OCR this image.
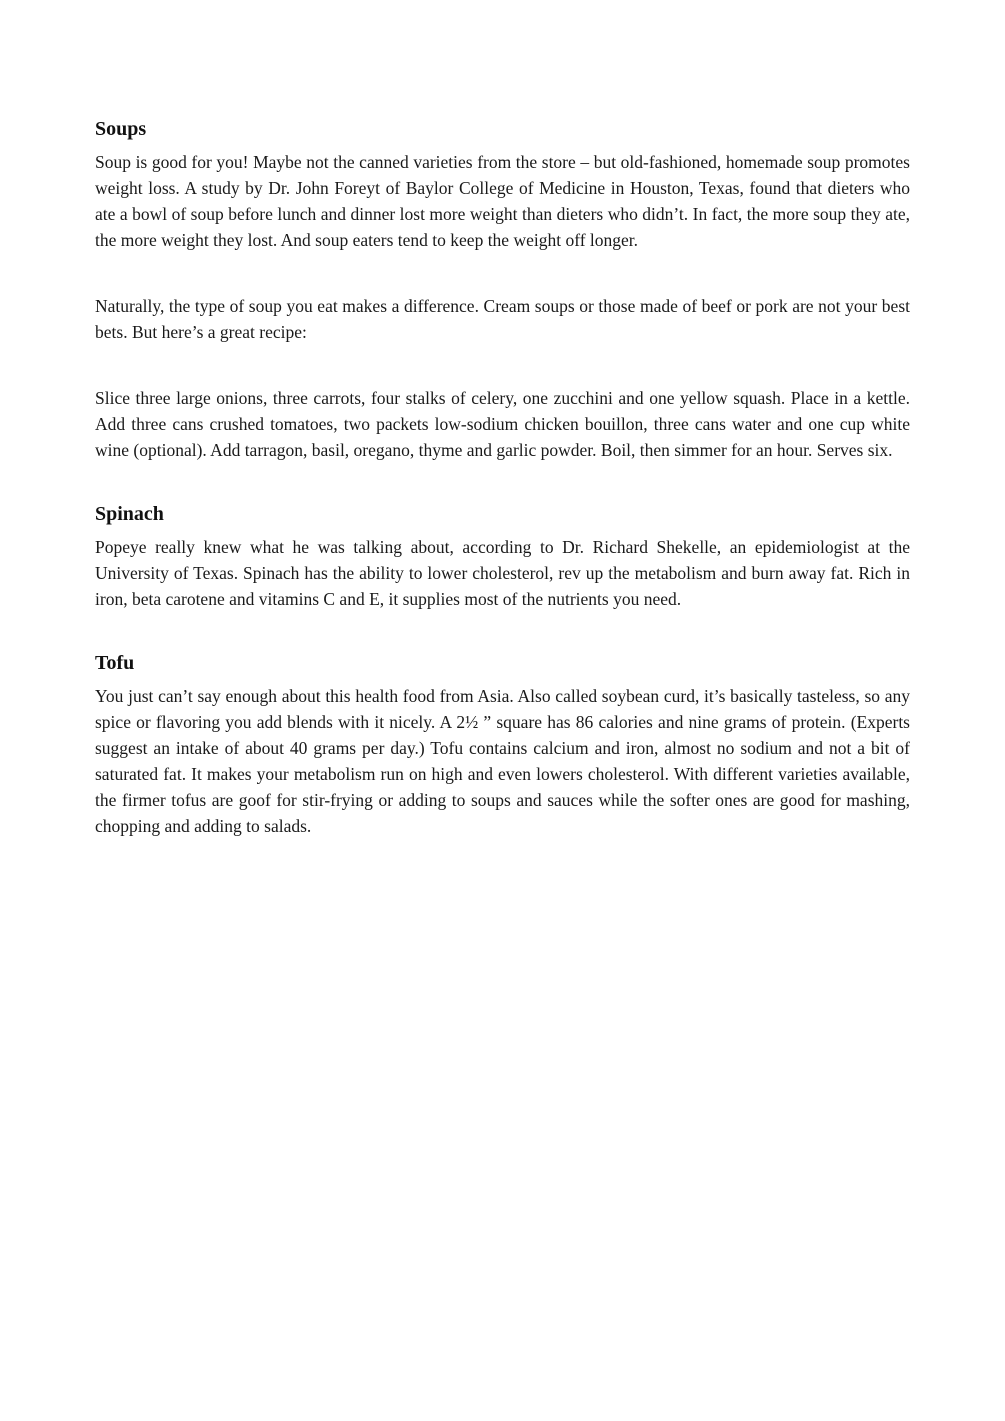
Soups

Soup is good for you! Maybe not the canned varieties from the store – but old-fashioned, homemade soup promotes weight loss. A study by Dr. John Foreyt of Baylor College of Medicine in Houston, Texas, found that dieters who ate a bowl of soup before lunch and dinner lost more weight than dieters who didn’t. In fact, the more soup they ate, the more weight they lost. And soup eaters tend to keep the weight off longer.

Naturally, the type of soup you eat makes a difference. Cream soups or those made of beef or pork are not your best bets. But here’s a great recipe:

Slice three large onions, three carrots, four stalks of celery, one zucchini and one yellow squash. Place in a kettle. Add three cans crushed tomatoes, two packets low-sodium chicken bouillon, three cans water and one cup white wine (optional). Add tarragon, basil, oregano, thyme and garlic powder. Boil, then simmer for an hour. Serves six.

Spinach

Popeye really knew what he was talking about, according to Dr. Richard Shekelle, an epidemiologist at the University of Texas. Spinach has the ability to lower cholesterol, rev up the metabolism and burn away fat. Rich in iron, beta carotene and vitamins C and E, it supplies most of the nutrients you need.

Tofu

You just can’t say enough about this health food from Asia. Also called soybean curd, it’s basically tasteless, so any spice or flavoring you add blends with it nicely. A 2½ ” square has 86 calories and nine grams of protein. (Experts suggest an intake of about 40 grams per day.) Tofu contains calcium and iron, almost no sodium and not a bit of saturated fat. It makes your metabolism run on high and even lowers cholesterol. With different varieties available, the firmer tofus are goof for stir-frying or adding to soups and sauces while the softer ones are good for mashing, chopping and adding to salads.
